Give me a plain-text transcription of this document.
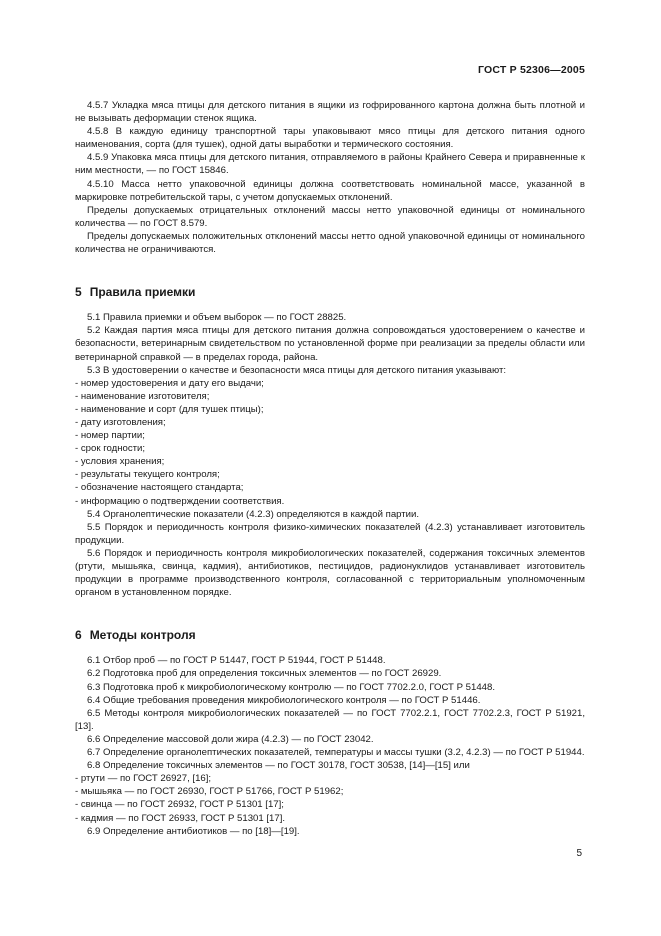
ГОСТ Р 52306—2005

4.5.7 Укладка мяса птицы для детского питания в ящики из гофрированного картона должна быть плотной и не вызывать деформации стенок ящика.

4.5.8 В каждую единицу транспортной тары упаковывают мясо птицы для детского питания одного наименования, сорта (для тушек), одной даты выработки и термического состояния.

4.5.9 Упаковка мяса птицы для детского питания, отправляемого в районы Крайнего Севера и приравненные к ним местности, — по ГОСТ 15846.

4.5.10 Масса нетто упаковочной единицы должна соответствовать номинальной массе, указанной в маркировке потребительской тары, с учетом допускаемых отклонений.

Пределы допускаемых отрицательных отклонений массы нетто упаковочной единицы от номинального количества — по ГОСТ 8.579.

Пределы допускаемых положительных отклонений массы нетто одной упаковочной единицы от номинального количества не ограничиваются.

5 Правила приемки

5.1 Правила приемки и объем выборок — по ГОСТ 28825.

5.2 Каждая партия мяса птицы для детского питания должна сопровождаться удостоверением о качестве и безопасности, ветеринарным свидетельством по установленной форме при реализации за пределы области или ветеринарной справкой — в пределах города, района.

5.3 В удостоверении о качестве и безопасности мяса птицы для детского питания указывают:

- номер удостоверения и дату его выдачи;

- наименование изготовителя;

- наименование и сорт (для тушек птицы);

- дату изготовления;

- номер партии;

- срок годности;

- условия хранения;

- результаты текущего контроля;

- обозначение настоящего стандарта;

- информацию о подтверждении соответствия.

5.4 Органолептические показатели (4.2.3) определяются в каждой партии.

5.5 Порядок и периодичность контроля физико-химических показателей (4.2.3) устанавливает изготовитель продукции.

5.6 Порядок и периодичность контроля микробиологических показателей, содержания токсичных элементов (ртути, мышьяка, свинца, кадмия), антибиотиков, пестицидов, радионуклидов устанавливает изготовитель продукции в программе производственного контроля, согласованной с территориальным уполномоченным органом в установленном порядке.

6 Методы контроля

6.1 Отбор проб — по ГОСТ Р 51447, ГОСТ Р 51944, ГОСТ Р 51448.

6.2 Подготовка проб для определения токсичных элементов — по ГОСТ 26929.

6.3 Подготовка проб к микробиологическому контролю — по ГОСТ 7702.2.0, ГОСТ Р 51448.

6.4 Общие требования проведения микробиологического контроля — по ГОСТ Р 51446.

6.5 Методы контроля микробиологических показателей — по ГОСТ 7702.2.1, ГОСТ 7702.2.3, ГОСТ Р 51921, [13].

6.6 Определение массовой доли жира (4.2.3) — по ГОСТ 23042.

6.7 Определение органолептических показателей, температуры и массы тушки (3.2, 4.2.3) — по ГОСТ Р 51944.

6.8 Определение токсичных элементов — по ГОСТ 30178, ГОСТ 30538, [14]—[15] или

- ртути — по ГОСТ 26927, [16];

- мышьяка — по ГОСТ 26930, ГОСТ Р 51766, ГОСТ Р 51962;

- свинца — по ГОСТ 26932, ГОСТ Р 51301 [17];

- кадмия — по ГОСТ 26933, ГОСТ Р 51301 [17].

6.9 Определение антибиотиков — по [18]—[19].

5
